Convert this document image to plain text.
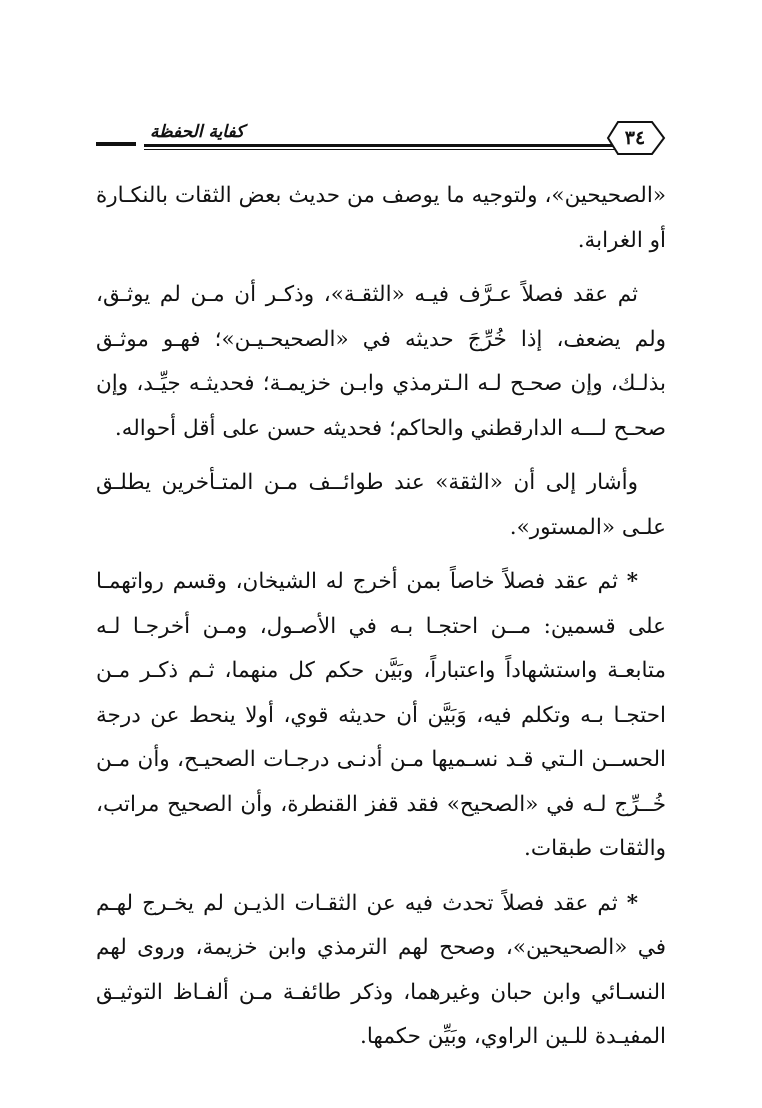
كفاية الحفظة	٣٤

«الصحيحين»، ولتوجيه ما يوصف من حديث بعض الثقات بالنكـارة أو الغرابة.

ثم عقد فصلاً عـرَّف فيـه «الثقـة»، وذكـر أن مـن لم يوثـق، ولم يضعف، إذا خُرِّجَ حديثه في «الصحيحـيـن»؛ فهـو موثـق بذلـك، وإن صحـح لـه الـترمذي وابـن خزيمـة؛ فحديثـه جيِّـد، وإن صحـح لـــه الدارقطني والحاكم؛ فحديثه حسن على أقل أحواله.

وأشار إلى أن «الثقة» عند طوائــف مـن المتـأخرين يطلـق علـى «المستور».

* ثم عقد فصلاً خاصاً بمن أخرج له الشيخان، وقسم رواتهمـا على قسمين: مــن احتجـا بـه في الأصـول، ومـن أخرجـا لـه متابعـة واستشهاداً واعتباراً، وبَيَّن حكم كل منهما، ثـم ذكـر مـن احتجـا بـه وتكلم فيه، وَبَيَّن أن حديثه قوي، أولا ينحط عن درجة الحســن الـتي قـد نسـميها مـن أدنـى درجـات الصحيـح، وأن مـن خُــرِّج لـه في «الصحيح» فقد قفز القنطرة، وأن الصحيح مراتب، والثقات طبقات.

* ثم عقد فصلاً تحدث فيه عن الثقـات الذيـن لم يخـرج لهـم في «الصحيحين»، وصحح لهم الترمذي وابن خزيمة، وروى لهم النسـائي وابن حبان وغيرهما، وذكر طائفـة مـن ألفـاظ التوثيـق المفيـدة للـين الراوي، وبَيِّن حكمها.
